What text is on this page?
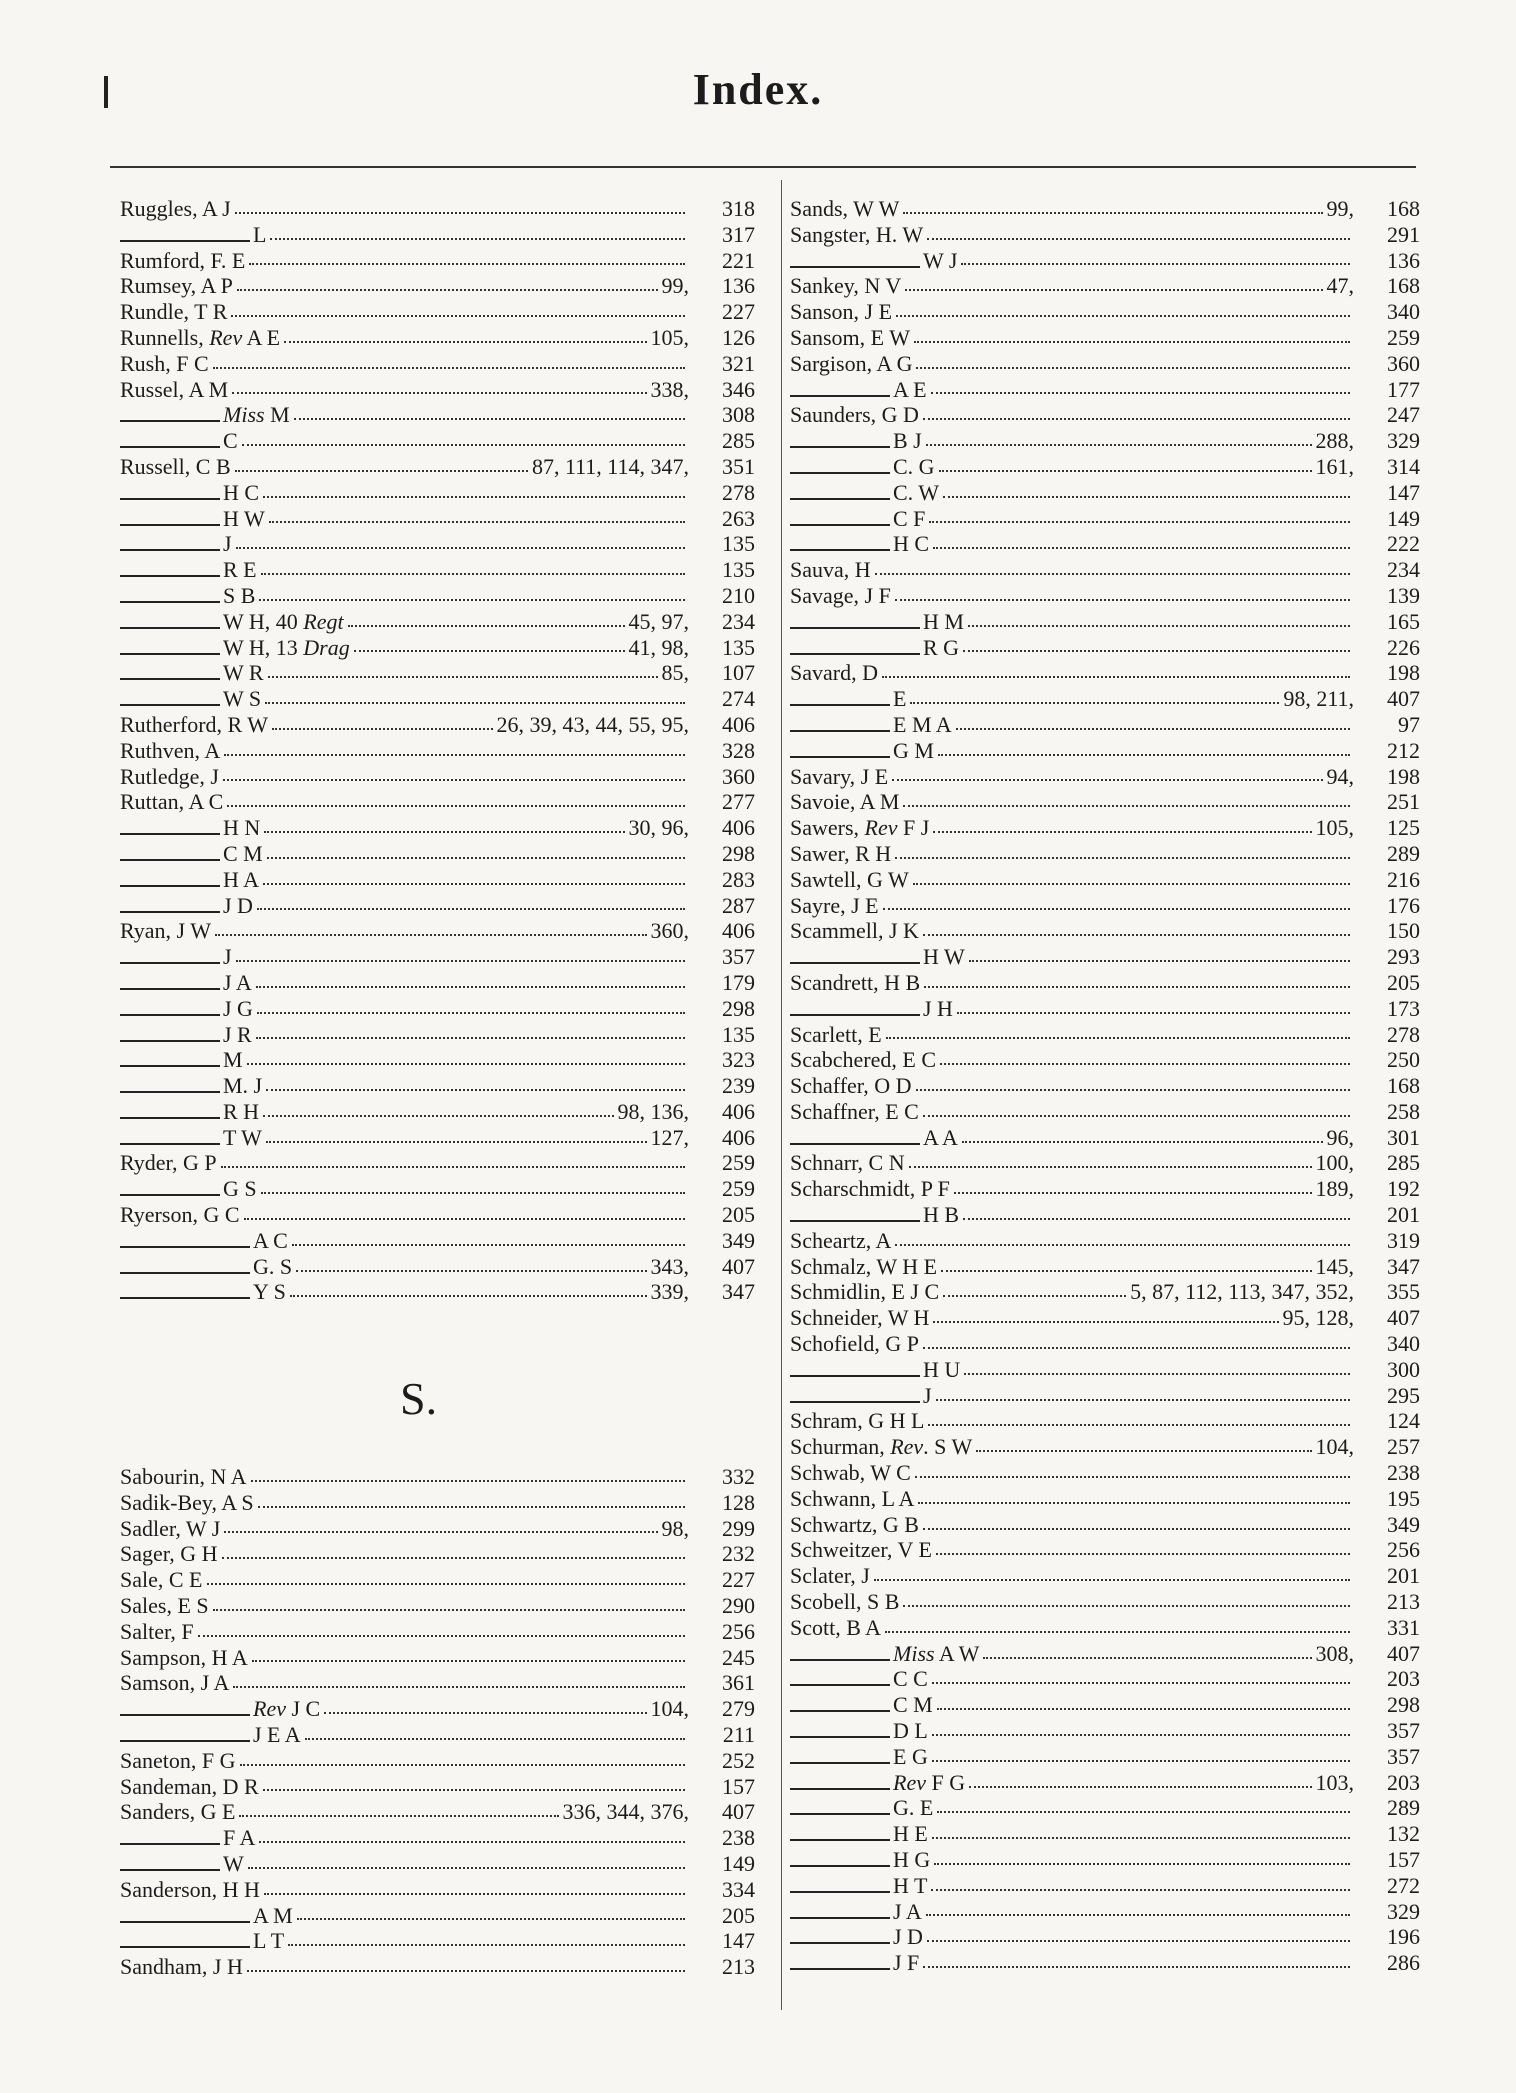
Index.
Ruggles, A J	318
L	317
Rumford, F. E	221
Rumsey, A P	99,	136
Rundle, T R	227
Runnells, Rev A E	105,	126
Rush, F C	321
Russel, A M	338,	346
Miss M	308
C	285
Russell, C B	87, 111, 114, 347,	351
H C	278
H W	263
J	135
R E	135
S B	210
W H, 40 Regt	45, 97,	234
W H, 13 Drag	41, 98,	135
W R	85,	107
W S	274
Rutherford, R W	26, 39, 43, 44, 55, 95,	406
Ruthven, A	328
Rutledge, J	360
Ruttan, A C	277
H N	30, 96,	406
C M	298
H A	283
J D	287
Ryan, J W	360,	406
J	357
J A	179
J G	298
J R	135
M	323
M. J	239
R H	98, 136,	406
T W	127,	406
Ryder, G P	259
G S	259
Ryerson, G C	205
A C	349
G. S	343,	407
Y S	339,	347
S.
Sabourin, N A	332
Sadik-Bey, A S	128
Sadler, W J	98,	299
Sager, G H	232
Sale, C E	227
Sales, E S	290
Salter, F	256
Sampson, H A	245
Samson, J A	361
Rev J C	104,	279
J E A	211
Saneton, F G	252
Sandeman, D R	157
Sanders, G E	336, 344, 376,	407
F A	238
W	149
Sanderson, H H	334
A M	205
L T	147
Sandham, J H	213
Sands, W W	99,	168
Sangster, H. W	291
W J	136
Sankey, N V	47,	168
Sanson, J E	340
Sansom, E W	259
Sargison, A G	360
A E	177
Saunders, G D	247
B J	288,	329
C. G	161,	314
C. W	147
C F	149
H C	222
Sauva, H	234
Savage, J F	139
H M	165
R G	226
Savard, D	198
E	98, 211,	407
E M A	97
G M	212
Savary, J E	94,	198
Savoie, A M	251
Sawers, Rev F J	105,	125
Sawer, R H	289
Sawtell, G W	216
Sayre, J E	176
Scammell, J K	150
H W	293
Scandrett, H B	205
J H	173
Scarlett, E	278
Scabchered, E C	250
Schaffer, O D	168
Schaffner, E C	258
A A	96,	301
Schnarr, C N	100,	285
Scharschmidt, P F	189,	192
H B	201
Scheartz, A	319
Schmalz, W H E	145,	347
Schmidlin, E J C	5, 87, 112, 113, 347, 352,	355
Schneider, W H	95, 128,	407
Schofield, G P	340
H U	300
J	295
Schram, G H L	124
Schurman, Rev. S W	104,	257
Schwab, W C	238
Schwann, L A	195
Schwartz, G B	349
Schweitzer, V E	256
Sclater, J	201
Scobell, S B	213
Scott, B A	331
Miss A W	308,	407
C C	203
C M	298
D L	357
E G	357
Rev F G	103,	203
G. E	289
H E	132
H G	157
H T	272
J A	329
J D	196
J F	286
